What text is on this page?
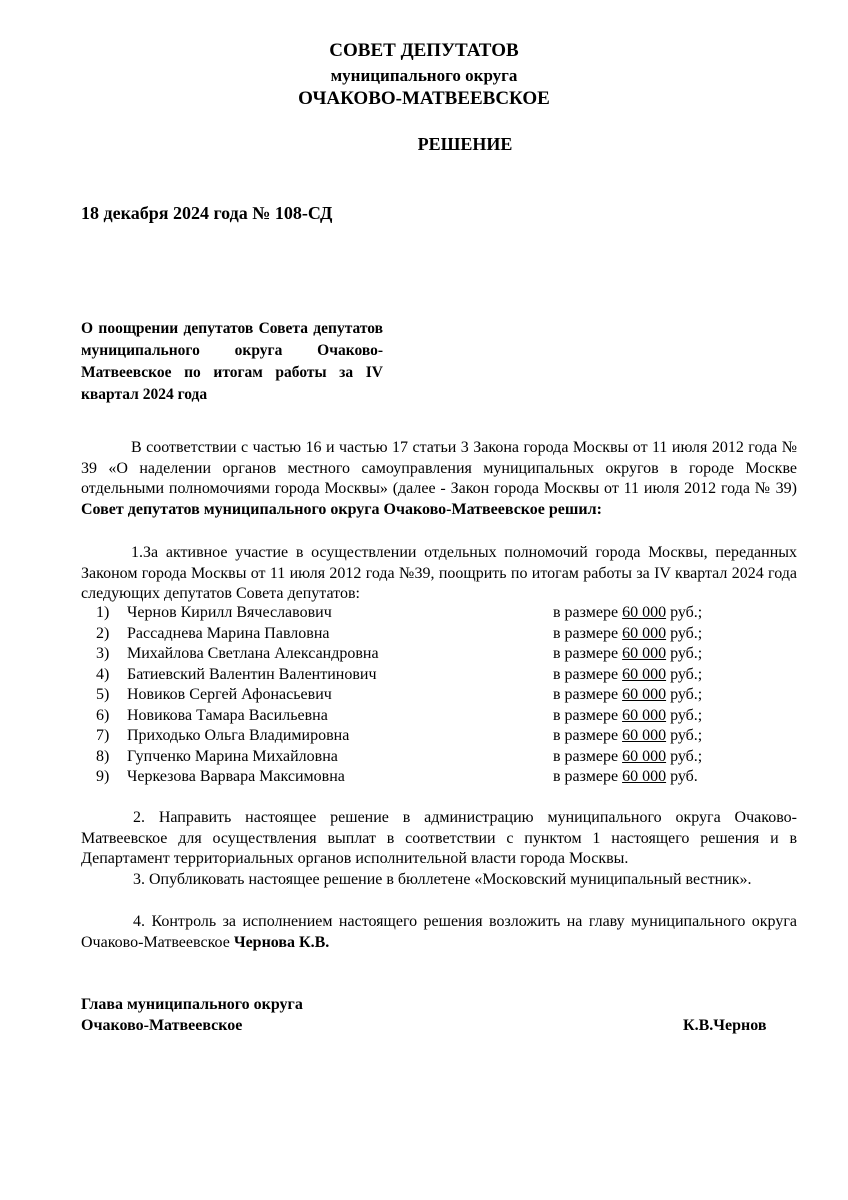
СОВЕТ ДЕПУТАТОВ
муниципального округа
ОЧАКОВО-МАТВЕЕВСКОЕ
РЕШЕНИЕ
18 декабря 2024 года № 108-СД
О поощрении депутатов Совета депутатов муниципального округа Очаково-Матвеевское по итогам работы за IV квартал 2024 года
В соответствии с частью 16 и частью 17 статьи 3 Закона города Москвы от 11 июля 2012 года № 39 «О наделении органов местного самоуправления муниципальных округов в городе Москве отдельными полномочиями города Москвы» (далее - Закон города Москвы от 11 июля 2012 года № 39) Совет депутатов муниципального округа Очаково-Матвеевское решил:
1.За активное участие в осуществлении отдельных полномочий города Москвы, переданных Законом города Москвы от 11 июля 2012 года №39, поощрить по итогам работы за IV квартал 2024 года следующих депутатов Совета депутатов:
1) Чернов Кирилл Вячеславович	в размере 60 000 руб.;
2) Рассаднева Марина Павловна	в размере 60 000 руб.;
3) Михайлова Светлана Александровна	в размере 60 000 руб.;
4) Батиевский Валентин Валентинович	в размере 60 000 руб.;
5) Новиков Сергей Афонасьевич	в размере 60 000 руб.;
6) Новикова Тамара Васильевна	в размере 60 000 руб.;
7) Приходько Ольга Владимировна	в размере 60 000 руб.;
8) Гупченко Марина Михайловна	в размере 60 000 руб.;
9) Черкезова Варвара Максимовна	в размере 60 000 руб.
2. Направить настоящее решение в администрацию муниципального округа Очаково-Матвеевское для осуществления выплат в соответствии с пунктом 1 настоящего решения и в Департамент территориальных органов исполнительной власти города Москвы.
3. Опубликовать настоящее решение в бюллетене «Московский муниципальный вестник».
4. Контроль за исполнением настоящего решения возложить на главу муниципального округа Очаково-Матвеевское Чернова К.В.
Глава муниципального округа
Очаково-Матвеевское	К.В.Чернов
